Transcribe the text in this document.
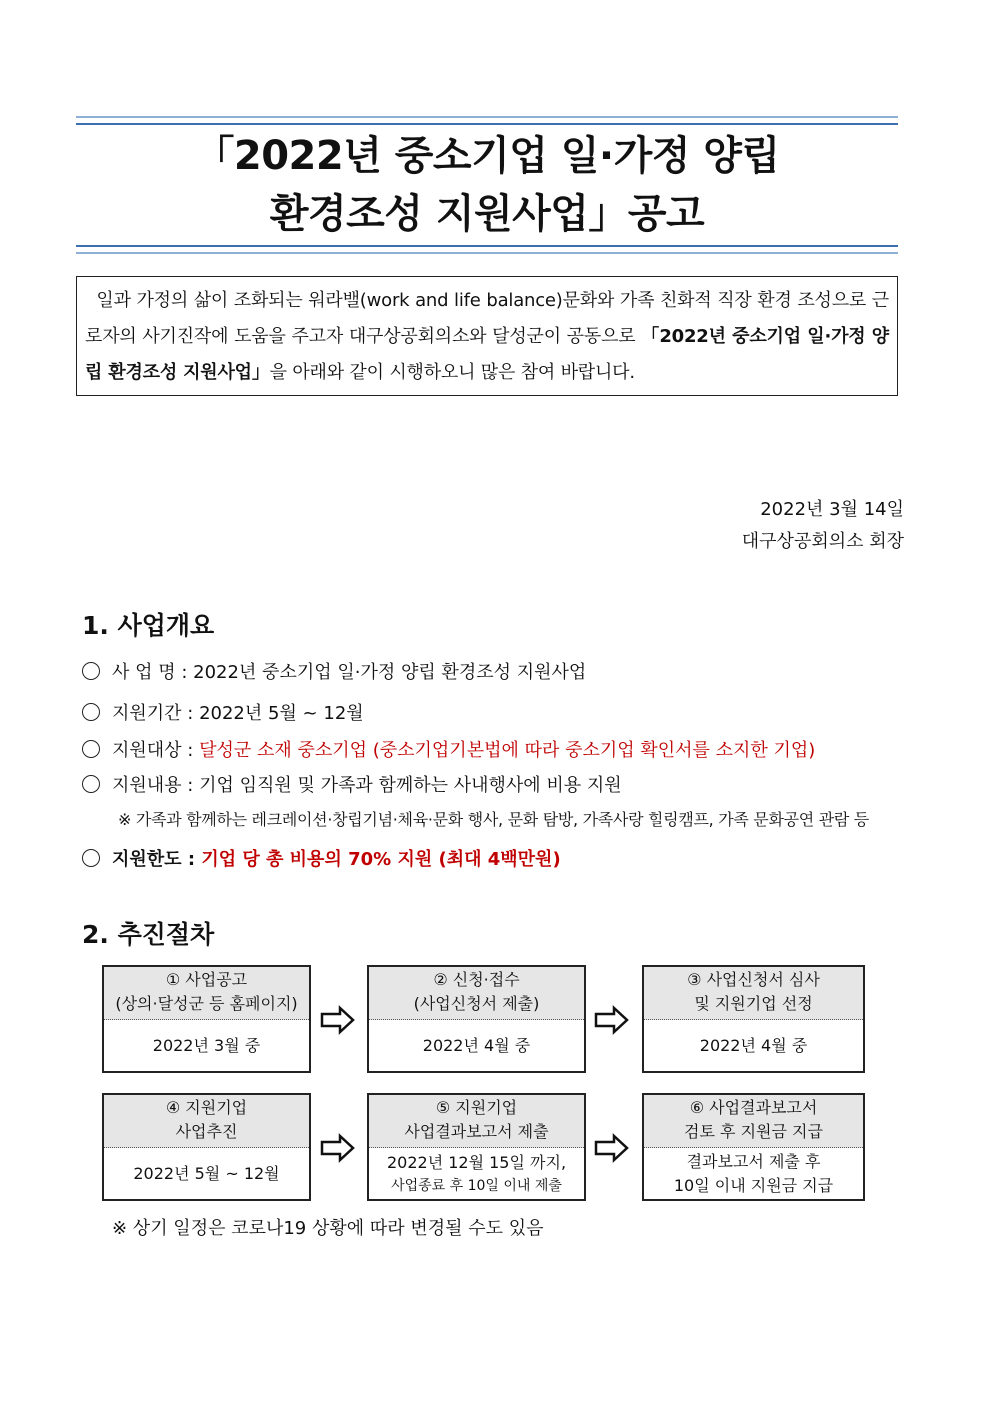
「2022년 중소기업 일·가정 양립
환경조성 지원사업」공고
일과 가정의 삶이 조화되는 워라밸(work and life balance)문화와 가족 친화적 직장 환경 조성으로 근로자의 사기진작에 도움을 주고자 대구상공회의소와 달성군이 공동으로 「2022년 중소기업 일·가정 양립 환경조성 지원사업」을 아래와 같이 시행하오니 많은 참여 바랍니다.
2022년 3월 14일
대구상공회의소 회장
1. 사업개요
사 업 명 : 2022년 중소기업 일·가정 양립 환경조성 지원사업
지원기간 : 2022년 5월 ~ 12월
지원대상 : 달성군 소재 중소기업 (중소기업기본법에 따라 중소기업 확인서를 소지한 기업)
지원내용 : 기업 임직원 및 가족과 함께하는 사내행사에 비용 지원
※ 가족과 함께하는 레크레이션·창립기념·체육·문화 행사, 문화 탐방, 가족사랑 힐링캠프, 가족 문화공연 관람 등
지원한도 : 기업 당 총 비용의 70% 지원 (최대 4백만원)
2. 추진절차
① 사업공고
(상의·달성군 등 홈페이지)
2022년 3월 중
② 신청·접수
(사업신청서 제출)
2022년 4월 중
③ 사업신청서 심사
및 지원기업 선정
2022년 4월 중
④ 지원기업
사업추진
2022년 5월 ~ 12월
⑤ 지원기업
사업결과보고서 제출
2022년 12월 15일 까지,
사업종료 후 10일 이내 제출
⑥ 사업결과보고서
검토 후 지원금 지급
결과보고서 제출 후
10일 이내 지원금 지급
※ 상기 일정은 코로나19 상황에 따라 변경될 수도 있음
